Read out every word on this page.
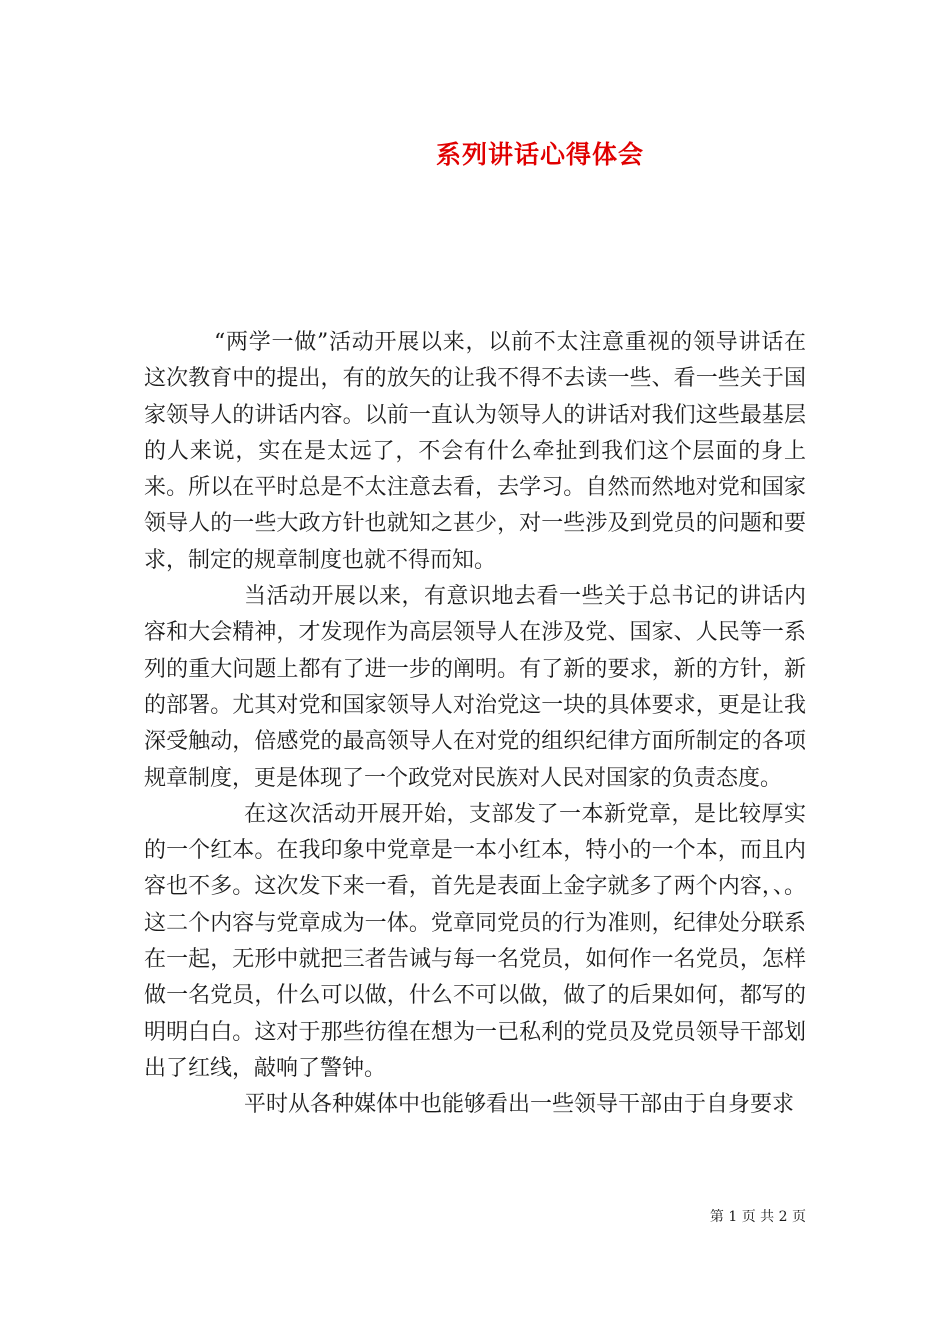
系列讲话心得体会

“两学一做”活动开展以来，以前不太注意重视的领导讲话在这次教育中的提出，有的放矢的让我不得不去读一些、看一些关于国家领导人的讲话内容。以前一直认为领导人的讲话对我们这些最基层的人来说，实在是太远了，不会有什么牵扯到我们这个层面的身上来。所以在平时总是不太注意去看，去学习。自然而然地对党和国家领导人的一些大政方针也就知之甚少，对一些涉及到党员的问题和要求，制定的规章制度也就不得而知。

当活动开展以来，有意识地去看一些关于总书记的讲话内容和大会精神，才发现作为高层领导人在涉及党、国家、人民等一系列的重大问题上都有了进一步的阐明。有了新的要求，新的方针，新的部署。尤其对党和国家领导人对治党这一块的具体要求，更是让我深受触动，倍感党的最高领导人在对党的组织纪律方面所制定的各项规章制度，更是体现了一个政党对民族对人民对国家的负责态度。

在这次活动开展开始，支部发了一本新党章，是比较厚实的一个红本。在我印象中党章是一本小红本，特小的一个本，而且内容也不多。这次发下来一看，首先是表面上金字就多了两个内容，、。这二个内容与党章成为一体。党章同党员的行为准则，纪律处分联系在一起，无形中就把三者告诫与每一名党员，如何作一名党员，怎样做一名党员，什么可以做，什么不可以做，做了的后果如何，都写的明明白白。这对于那些彷徨在想为一已私利的党员及党员领导干部划出了红线，敲响了警钟。

平时从各种媒体中也能够看出一些领导干部由于自身要求

第 1 页 共 2 页
